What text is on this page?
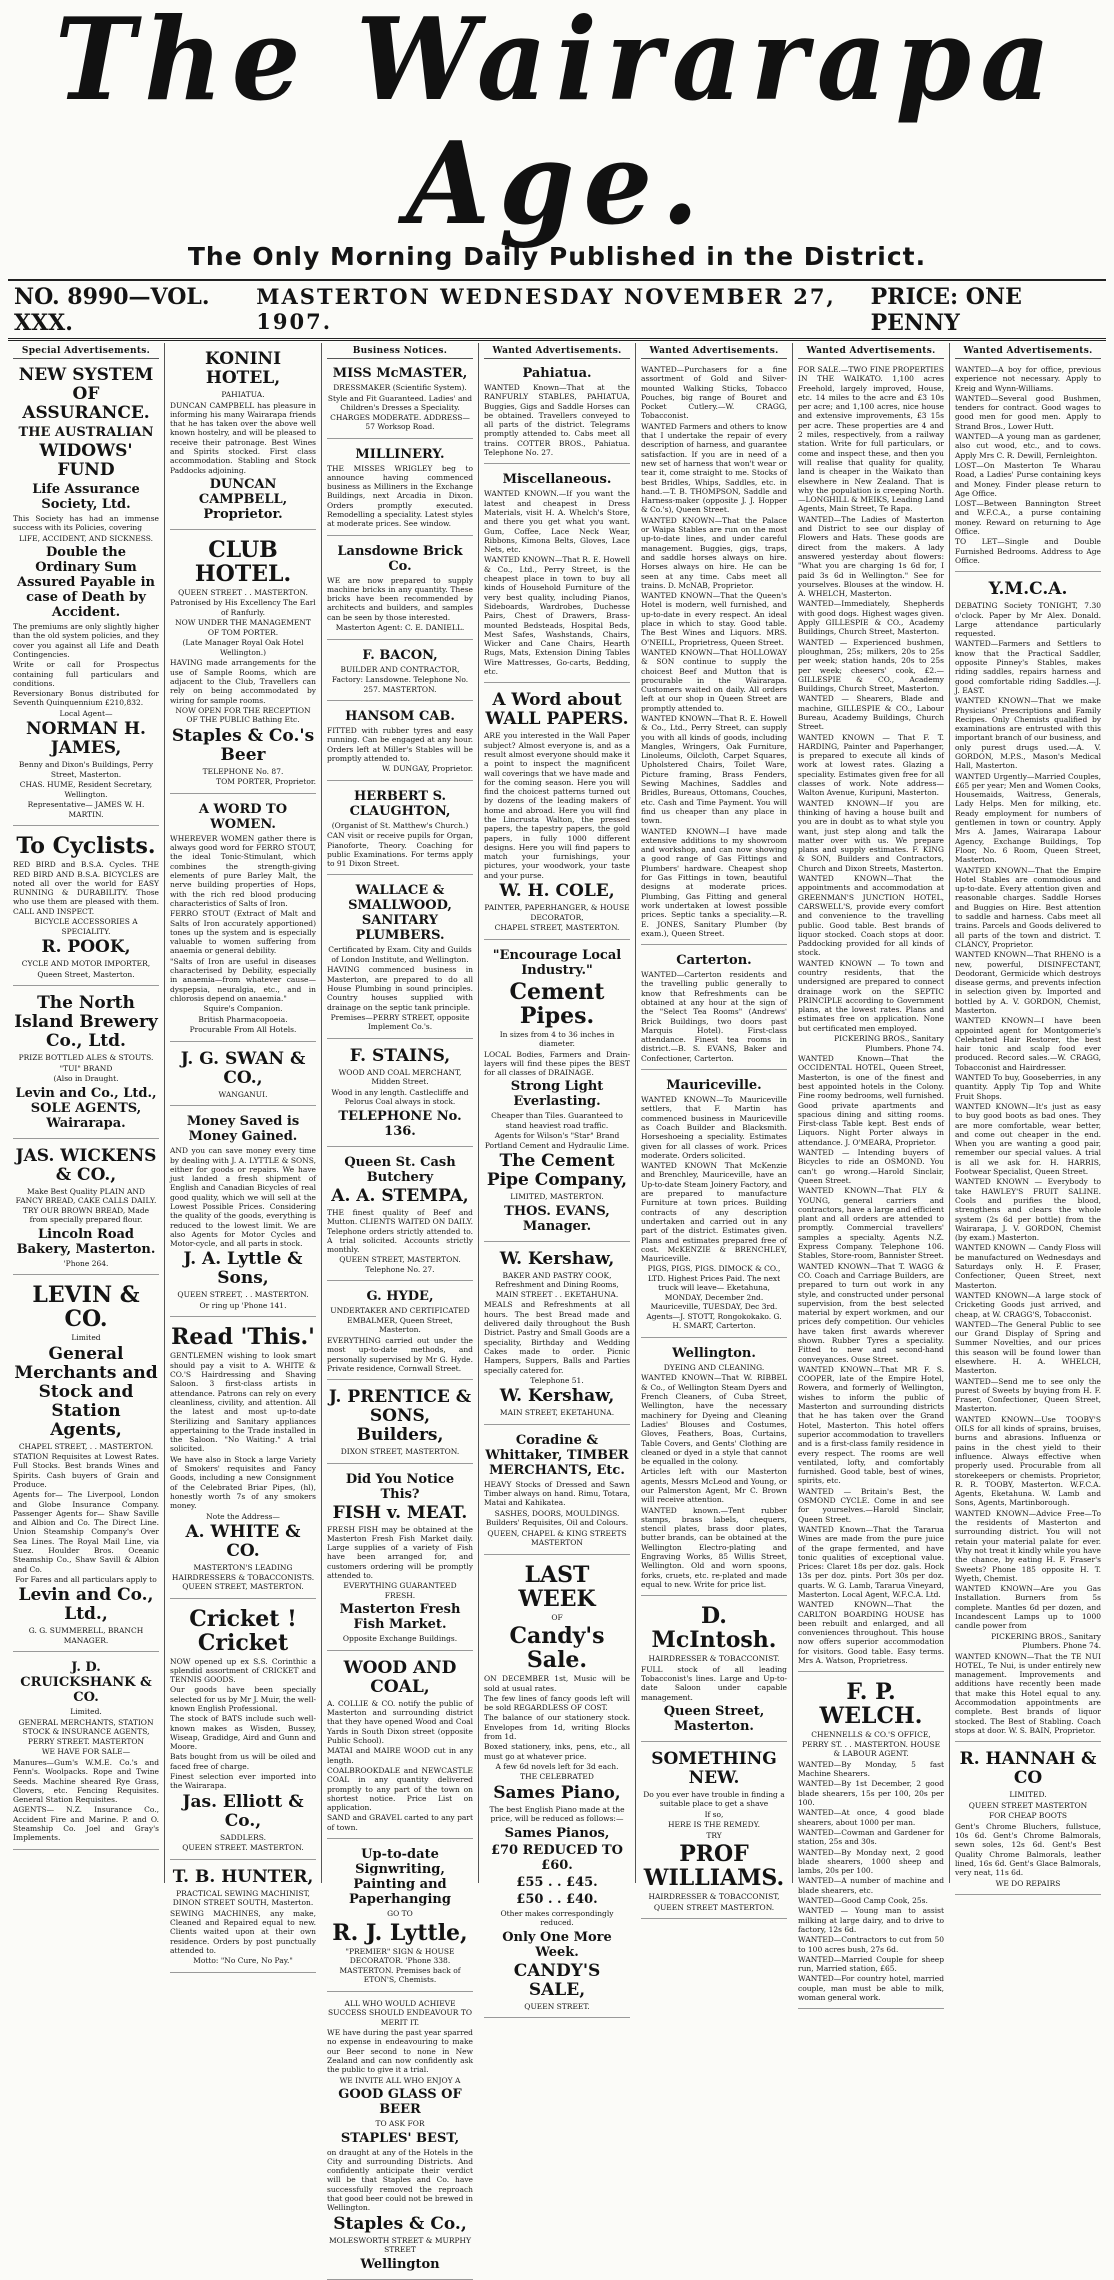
The Wairarapa Age.
The Only Morning Daily Published in the District.
NO. 8990—VOL. XXX.
MASTERTON WEDNESDAY NOVEMBER 27, 1907.
PRICE: ONE PENNY
Special Advertisements.
NEW SYSTEM OF ASSURANCE.
THE AUSTRALIAN
WIDOWS' FUND
Life Assurance Society, Ltd.
This Society has had an immense success with its Policies, covering
LIFE, ACCIDENT, AND SICKNESS.
Double the Ordinary Sum Assured Payable in case of Death by Accident.
The premiums are only slightly higher than the old system policies, and they cover you against all Life and Death Contingencies.
Write or call for Prospectus containing full particulars and conditions.
Reversionary Bonus distributed for Seventh Quinquennium £210,832.
Local Agent—
NORMAN H. JAMES,
Benny and Dixon's Buildings, Perry Street, Masterton.
CHAS. HUME, Resident Secretary, Wellington.
Representative— JAMES W. H. MARTIN.
To Cyclists.
RED BIRD and B.S.A. Cycles. THE RED BIRD AND B.S.A. BICYCLES are noted all over the world for EASY RUNNING & DURABILITY. Those who use them are pleased with them. CALL AND INSPECT.
BICYCLE ACCESSORIES A SPECIALITY.
R. POOK,
CYCLE AND MOTOR IMPORTER,
Queen Street, Masterton.
The North Island Brewery Co., Ltd.
PRIZE BOTTLED ALES & STOUTS.
"TUI" BRAND
(Also in Draught.
Levin and Co., Ltd., SOLE AGENTS, Wairarapa.
JAS. WICKENS & CO.,
Make Best Quality PLAIN AND FANCY BREAD, CAKE CALLS DAILY. TRY OUR BROWN BREAD, Made from specially prepared flour.
Lincoln Road Bakery, Masterton.
'Phone 264.
LEVIN & CO.
Limited
General Merchants and Stock and Station Agents,
CHAPEL STREET, . . MASTERTON.
STATION Requisites at Lowest Rates. Full Stocks. Best brands Wines and Spirits. Cash buyers of Grain and Produce.
Agents for— The Liverpool, London and Globe Insurance Company. Passenger Agents for— Shaw Saville and Albion and Co. The Direct Line. Union Steamship Company's Over Sea Lines. The Royal Mail Line, via Suez. Houlder Bros. Oceanic Steamship Co., Shaw Savill & Albion and Co.
For Fares and all particulars apply to
Levin and Co., Ltd.,
G. G. SUMMERELL, BRANCH MANAGER.
J. D. CRUICKSHANK & CO.
Limited.
GENERAL MERCHANTS, STATION STOCK & INSURANCE AGENTS, PERRY STREET. MASTERTON
WE HAVE FOR SALE—
Manures—Gum's W.M.E. Co.'s and Fenn's. Woolpacks. Rope and Twine Seeds. Machine sheared Rye Grass, Clovers, etc. Fencing Requisites. General Station Requisites.
AGENTS— N.Z. Insurance Co., Accident Fire and Marine. P. and O. Steamship Co. Joel and Gray's Implements.
KONINI HOTEL,
PAHIATUA.
DUNCAN CAMPBELL has pleasure in informing his many Wairarapa friends that he has taken over the above well known hostelry, and will be pleased to receive their patronage. Best Wines and Spirits stocked. First class accommodation. Stabling and Stock Paddocks adjoining.
DUNCAN CAMPBELL, Proprietor.
CLUB HOTEL.
QUEEN STREET . . MASTERTON.
Patronised by His Excellency The Earl of Ranfurly.
NOW UNDER THE MANAGEMENT OF TOM PORTER.
(Late Manager Royal Oak Hotel Wellington.)
HAVING made arrangements for the use of Sample Rooms, which are adjacent to the Club, Travellers can rely on being accommodated by wiring for sample rooms.
NOW OPEN FOR THE RECEPTION OF THE PUBLIC Bathing Etc.
Staples & Co.'s Beer
TELEPHONE No. 87.
TOM PORTER, Proprietor.
A WORD TO WOMEN.
WHEREVER WOMEN gather there is always good word for FERRO STOUT, the ideal Tonic-Stimulant, which combines the strength-giving elements of pure Barley Malt, the nerve building properties of Hops, with the rich red blood producing characteristics of Salts of Iron.
FERRO STOUT (Extract of Malt and Salts of Iron accurately apportioned) tones up the system and is especially valuable to women suffering from anaemia or general debility.
"Salts of Iron are useful in diseases characterised by Debility, especially in anaemia—from whatever cause—dyspepsia, neuralgia, etc., and in chlorosis depend on anaemia."
Squire's Companion.
British Pharmacopoeia.
Procurable From All Hotels.
J. G. SWAN & CO.,
WANGANUI.
Money Saved is Money Gained.
AND you can save money every time by dealing with J. A. LYTTLE & SONS, either for goods or repairs. We have just landed a fresh shipment of English and Canadian Bicycles of real good quality, which we will sell at the Lowest Possible Prices. Considering the quality of the goods, everything is reduced to the lowest limit. We are also Agents for Motor Cycles and Motor-cycle, and all parts in stock.
J. A. Lyttle & Sons,
QUEEN STREET, . . MASTERTON.
Or ring up 'Phone 141.
Read 'This.'
GENTLEMEN wishing to look smart should pay a visit to A. WHITE & CO.'S Hairdressing and Shaving Saloon. 3 first-class artists in attendance. Patrons can rely on every cleanliness, civility, and attention. All the latest and most up-to-date Sterilizing and Sanitary appliances appertaining to the Trade installed in the Saloon. "No Waiting." A trial solicited.
We have also in Stock a large Variety of Smokers' requisites and Fancy Goods, including a new Consignment of the Celebrated Briar Pipes, (hl), honestly worth 7s of any smokers money.
Note the Address—
A. WHITE & CO.
MASTERTON'S LEADING HAIRDRESSERS & TOBACCONISTS. QUEEN STREET, MASTERTON.
Cricket ! Cricket
NOW opened up ex S.S. Corinthic a splendid assortment of CRICKET and TENNIS GOODS.
Our goods have been specially selected for us by Mr J. Muir, the well-known English Professional.
The stock of BATS include such well-known makes as Wisden, Bussey, Wiseap, Gradidge, Aird and Gunn and Moore.
Bats bought from us will be oiled and faced free of charge.
Finest selection ever imported into the Wairarapa.
Jas. Elliott & Co.,
SADDLERS.
QUEEN STREET. MASTERTON.
T. B. HUNTER,
PRACTICAL SEWING MACHINIST, DINON STREET SOUTH, Masterton.
SEWING MACHINES, any make, Cleaned and Repaired equal to new. Clients waited upon at their own residence. Orders by post punctually attended to.
Motto: "No Cure, No Pay."
Business Notices.
MISS McMASTER,
DRESSMAKER (Scientific System).
Style and Fit Guaranteed. Ladies' and Children's Dresses a Speciality. CHARGES MODERATE. ADDRESS—57 Worksop Road.
MILLINERY.
THE MISSES WRIGLEY beg to announce having commenced business as Milliners in the Exchange Buildings, next Arcadia in Dixon. Orders promptly executed. Remodelling a speciality. Latest styles at moderate prices. See window.
Lansdowne Brick Co.
WE are now prepared to supply machine bricks in any quantity. These bricks have been recommended by architects and builders, and samples can be seen by those interested.
Masterton Agent: C. E. DANIELL.
F. BACON,
BUILDER AND CONTRACTOR,
Factory: Lansdowne. Telephone No. 257. MASTERTON.
HANSOM CAB.
FITTED with rubber tyres and easy running. Can be engaged at any hour. Orders left at Miller's Stables will be promptly attended to.
W. DUNGAY, Proprietor.
HERBERT S. CLAUGHTON,
(Organist of St. Matthew's Church.)
CAN visit or receive pupils for Organ, Pianoforte, Theory. Coaching for public Examinations. For terms apply to 91 Dixon Street.
WALLACE & SMALLWOOD, SANITARY PLUMBERS.
Certificated by Exam. City and Guilds of London Institute, and Wellington.
HAVING commenced business in Masterton, are prepared to do all House Plumbing in sound principles. Country houses supplied with drainage on the septic tank principle.
Premises—PERRY STREET, opposite Implement Co.'s.
F. STAINS,
WOOD AND COAL MERCHANT, Midden Street.
Wood in any length. Castlecliffe and Pelorus Coal always in stock.
TELEPHONE No. 136.
Queen St. Cash Butchery
A. A. STEMPA,
THE finest quality of Beef and Mutton. CLIENTS WAITED ON DAILY. Telephone orders strictly attended to. A trial solicited. Accounts strictly monthly.
QUEEN STREET, MASTERTON. Telephone No. 27.
G. HYDE,
UNDERTAKER AND CERTIFICATED EMBALMER, Queen Street, Masterton.
EVERYTHING carried out under the most up-to-date methods, and personally supervised by Mr G. Hyde. Private residence, Cornwall Street.
J. PRENTICE & SONS, Builders,
DIXON STREET, MASTERTON.
Did You Notice This?
FISH v. MEAT.
FRESH FISH may be obtained at the Masterton Fresh Fish Market daily. Large supplies of a variety of Fish have been arranged for, and customers ordering will be promptly attended to.
EVERYTHING GUARANTEED FRESH.
Masterton Fresh Fish Market.
Opposite Exchange Buildings.
WOOD AND COAL,
A. COLLIE & CO. notify the public of Masterton and surrounding district that they have opened Wood and Coal Yards in South Dixon street (opposite Public School).
MATAI and MAIRE WOOD cut in any length.
COALBROOKDALE and NEWCASTLE COAL in any quantity delivered promptly to any part of the town on shortest notice. Price List on application.
SAND and GRAVEL carted to any part of town.
Up-to-date Signwriting, Painting and Paperhanging
GO TO
R. J. Lyttle,
"PREMIER" SIGN & HOUSE DECORATOR. 'Phone 338. MASTERTON. Premises back of ETON'S, Chemists.
ALL WHO WOULD ACHIEVE SUCCESS SHOULD ENDEAVOUR TO MERIT IT.
WE have during the past year sparred no expense in endeavouring to make our Beer second to none in New Zealand and can now confidently ask the public to give it a trial.
WE INVITE ALL WHO ENJOY A
GOOD GLASS OF BEER
TO ASK FOR
STAPLES' BEST,
on draught at any of the Hotels in the City and surrounding Districts. And confidently anticipate their verdict will be that Staples and Co. have successfully removed the reproach that good beer could not be brewed in Wellington.
Staples & Co.,
MOLESWORTH STREET & MURPHY STREET
Wellington
Wanted Advertisements.
Pahiatua.
WANTED Known—That at the RANFURLY STABLES, PAHIATUA, Buggies, Gigs and Saddle Horses can be obtained. Travellers conveyed to all parts of the district. Telegrams promptly attended to. Cabs meet all trains. COTTER BROS., Pahiatua. Telephone No. 27.
Miscellaneous.
WANTED KNOWN.—If you want the latest and cheapest in Dress Materials, visit H. A. Whelch's Store, and there you get what you want. Gum, Coffee, Lace Neck Wear, Ribbons, Kimona Belts, Gloves, Lace Nets, etc.
WANTED KNOWN—That R. E. Howell & Co., Ltd., Perry Street, is the cheapest place in town to buy all kinds of Household Furniture of the very best quality, including Pianos, Sideboards, Wardrobes, Duchesse Pairs, Chest of Drawers, Brass-mounted Bedsteads, Hospital Beds, Mest Safes, Washstands, Chairs, Wicker and Cane Chairs, Hearth Rugs, Mats, Extension Dining Tables Wire Mattresses, Go-carts, Bedding, etc.
A Word about WALL PAPERS.
ARE you interested in the Wall Paper subject? Almost everyone is, and as a result almost everyone should make it a point to inspect the magnificent wall coverings that we have made and for the coming season. Here you will find the choicest patterns turned out by dozens of the leading makers of home and abroad. Here you will find the Lincrusta Walton, the pressed papers, the tapestry papers, the gold papers, in fully 1000 different designs. Here you will find papers to match your furnishings, your pictures, your woodwork, your taste and your purse.
W. H. COLE,
PAINTER, PAPERHANGER, & HOUSE DECORATOR,
CHAPEL STREET, MASTERTON.
"Encourage Local Industry."
Cement Pipes.
In sizes from 4 to 36 inches in diameter.
LOCAL Bodies, Farmers and Drain-layers will find these pipes the BEST for all classes of DRAINAGE.
Strong Light Everlasting.
Cheaper than Tiles. Guaranteed to stand heaviest road traffic.
Agents for Wilson's "Star" Brand Portland Cement and Hydraulic Lime.
The Cement Pipe Company,
LIMITED, MASTERTON.
THOS. EVANS, Manager.
W. Kershaw,
BAKER AND PASTRY COOK, Refreshment and Dining Rooms, MAIN STREET . . EKETAHUNA.
MEALS and Refreshments at all hours. The best Bread made and delivered daily throughout the Bush District. Pastry and Small Goods are a speciality, Birthday and Wedding Cakes made to order. Picnic Hampers, Suppers, Balls and Parties specially catered for.
Telephone 51.
W. Kershaw,
MAIN STREET, EKETAHUNA.
Coradine & Whittaker, TIMBER MERCHANTS, Etc.
HEAVY Stocks of Dressed and Sawn Timber always on hand. Rimu, Totara, Matai and Kahikatea.
SASHES, DOORS, MOULDINGS. Builders' Requisites, Oil and Colours.
QUEEN, CHAPEL & KING STREETS MASTERTON
LAST WEEK
OF
Candy's Sale.
ON DECEMBER 1st, Music will be sold at usual rates.
The few lines of fancy goods left will be sold REGARDLESS OF COST.
The balance of our stationery stock. Envelopes from 1d, writing Blocks from 1d.
Boxed stationery, inks, pens, etc., all must go at whatever price.
A few 6d novels left for 3d each.
THE CELEBRATED
Sames Piano,
The best English Piano made at the price, will be reduced as follows:—
Sames Pianos,
£70 REDUCED TO £60.
£55 . . £45.
£50 . . £40.
Other makes correspondingly reduced.
Only One More Week.
CANDY'S SALE,
QUEEN STREET.
Wanted Advertisements.
WANTED—Purchasers for a fine assortment of Gold and Silver-mounted Walking Sticks, Tobacco Pouches, big range of Bouret and Pocket Cutlery.—W. CRAGG, Tobacconist.
WANTED Farmers and others to know that I undertake the repair of every description of harness, and guarantee satisfaction. If you are in need of a new set of harness that won't wear or tear it, come straight to me. Stocks of best Bridles, Whips, Saddles, etc. in hand.—T. B. THOMPSON, Saddle and Harness-maker (opposite J. J. Hopper & Co.'s), Queen Street.
WANTED KNOWN—That the Palace or Waipa Stables are run on the most up-to-date lines, and under careful management. Buggies, gigs, traps, and saddle horses always on hire. Horses always on hire. He can be seen at any time. Cabs meet all trains. D. McNAB, Proprietor.
WANTED KNOWN—That the Queen's Hotel is modern, well furnished, and up-to-date in every respect. An ideal place in which to stay. Good table. The Best Wines and Liquors. MRS. O'NEILL, Proprietress, Queen Street.
WANTED KNOWN—That HOLLOWAY & SON continue to supply the choicest Beef and Mutton that is procurable in the Wairarapa. Customers waited on daily. All orders left at our shop in Queen Street are promptly attended to.
WANTED KNOWN—That R. E. Howell & Co., Ltd., Perry Street, can supply you with all kinds of goods, including Mangles, Wringers, Oak Furniture, Linoleums, Oilcloth, Carpet Squares, Upholstered Chairs, Toilet Ware, Picture framing, Brass Fenders, Sewing Machines, Saddles and Bridles, Bureaus, Ottomans, Couches, etc. Cash and Time Payment. You will find us cheaper than any place in town.
WANTED KNOWN—I have made extensive additions to my showroom and workshop, and can now showing a good range of Gas Fittings and Plumbers' hardware. Cheapest shop for Gas Fittings in town, beautiful designs at moderate prices. Plumbing, Gas Fitting and general work undertaken at lowest possible prices. Septic tanks a speciality.—R. E. JONES, Sanitary Plumber (by exam.), Queen Street.
Carterton.
WANTED—Carterton residents and the travelling public generally to know that Refreshments can be obtained at any hour at the sign of the "Select Tea Rooms" (Andrews' Brick Buildings, two doors past Marquis Hotel). First-class attendance. Finest tea rooms in district.—B. S. EVANS, Baker and Confectioner, Carterton.
Mauriceville.
WANTED KNOWN—To Mauriceville settlers, that F. Martin has commenced business in Mauriceville as Coach Builder and Blacksmith. Horseshoeing a speciality. Estimates given for all classes of work. Prices moderate. Orders solicited.
WANTED KNOWN That McKenzie and Brenchley, Mauriceville, have an Up-to-date Steam Joinery Factory, and are prepared to manufacture Furniture at town prices. Building contracts of any description undertaken and carried out in any part of the district. Estimates given. Plans and estimates prepared free of cost. McKENZIE & BRENCHLEY, Mauriceville.
PIGS, PIGS, PIGS. DIMOCK & CO., LTD. Highest Prices Paid. The next truck will leave— Eketahuna, MONDAY, December 2nd. Mauriceville, TUESDAY, Dec 3rd. Agents—J. STOTT, Rongokokako. G. H. SMART, Carterton.
Wellington.
DYEING AND CLEANING.
WANTED KNOWN—That W. RIBBEL & Co., of Wellington Steam Dyers and French Cleaners, of Cuba Street, Wellington, have the necessary machinery for Dyeing and Cleaning Ladies' Blouses and Costumes, Gloves, Feathers, Boas, Curtains, Table Covers, and Gents' Clothing are cleaned or dyed in a style that cannot be equalled in the colony.
Articles left with our Masterton agents, Messrs McLeod and Young, or our Palmerston Agent, Mr C. Brown will receive attention.
WANTED known.—Tent rubber stamps, brass labels, chequers, stencil plates, brass door plates, butter brands, can be obtained at the Wellington Electro-plating and Engraving Works, 85 Willis Street, Wellington. Old and worn spoons, forks, cruets, etc. re-plated and made equal to new. Write for price list.
D. McIntosh.
HAIRDRESSER & TOBACCONIST.
FULL stock of all leading Tobacconist's lines. Large and Up-to-date Saloon under capable management.
Queen Street, Masterton.
SOMETHING NEW.
Do you ever have trouble in finding a suitable place to get a shave
If so,
HERE IS THE REMEDY.
TRY
PROF WILLIAMS.
HAIRDRESSER & TOBACCONIST,
QUEEN STREET MASTERTON.
Wanted Advertisements.
FOR SALE.—TWO FINE PROPERTIES IN THE WAIKATO. 1,100 acres Freehold, largely improved, House, etc. 14 miles to the acre and £3 10s per acre; and 1,100 acres, nice house and extensive improvements, £3 15s per acre. These properties are 4 and 2 miles, respectively, from a railway station. Write for full particulars, or come and inspect these, and then you will realise that quality for quality, land is cheaper in the Waikato than elsewhere in New Zealand. That is why the population is creeping North.—LONGHILL & MEIKS, Leading Land Agents, Main Street, Te Rapa.
WANTED—The Ladies of Masterton and District to see our display of Flowers and Hats. These goods are direct from the makers. A lady answered yesterday about flowers: "What you are charging 1s 6d for, I paid 3s 6d in Wellington." See for yourselves. Blouses at the window. H. A. WHELCH, Masterton.
WANTED—Immediately, Shepherds with good dogs. Highest wages given. Apply GILLESPIE & CO., Academy Buildings, Church Street, Masterton.
WANTED — Experienced bushmen, ploughman, 25s; milkers, 20s to 25s per week; station hands, 20s to 25s per week; cheesers' cook, £2.—GILLESPIE & CO., Academy Buildings, Church Street, Masterton.
WANTED — Shearers, Blade and machine, GILLESPIE & CO., Labour Bureau, Academy Buildings, Church Street.
WANTED KNOWN — That F. T. HARDING, Painter and Paperhanger, is prepared to execute all kinds of work at lowest rates. Glazing a speciality. Estimates given free for all classes of work. Note address—Walton Avenue, Kuripuni, Masterton.
WANTED KNOWN—If you are thinking of having a house built and you are in doubt as to what style you want, just step along and talk the matter over with us. We prepare plans and supply estimates. F. KING & SON, Builders and Contractors, Church and Dixon Streets, Masterton.
WANTED KNOWN—That the appointments and accommodation at GREENMAN'S JUNCTION HOTEL, CARSWELL'S, provide every comfort and convenience to the travelling public. Good table. Best brands of liquor stocked. Coach stops at door. Paddocking provided for all kinds of stock.
WANTED KNOWN — To town and country residents, that the undersigned are prepared to connect drainage work on the SEPTIC PRINCIPLE according to Government plans, at the lowest rates. Plans and estimates free on application. None but certificated men employed.
PICKERING BROS., Sanitary Plumbers. Phone 74.
WANTED Known—That the OCCIDENTAL HOTEL, Queen Street, Masterton, is one of the finest and best appointed hotels in the Colony. Fine roomy bedrooms, well furnished. Good private apartments and spacious dining and sitting rooms. First-class Table kept. Best ends of Liquors. Night Porter always in attendance. J. O'MEARA, Proprietor.
WANTED — Intending buyers of Bicycles to ride an OSMOND. You can't go wrong.—Harold Sinclair, Queen Street.
WANTED KNOWN—That FLY & YOUNG, general carriers and contractors, have a large and efficient plant and all orders are attended to promptly. Commercial travellers' samples a specialty. Agents N.Z. Express Company. Telephone 106. Stables, Store-room, Bannister Street.
WANTED KNOWN—That T. WAGG & CO. Coach and Carriage Builders, are prepared to turn out work in any style, and constructed under personal supervision, from the best selected material by expert workmen, and our prices defy competition. Our vehicles have taken first awards wherever shown. Rubber Tyres a speciality. Fitted to new and second-hand conveyances. Ouse Street.
WANTED KNOWN—That MR F. S. COOPER, late of the Empire Hotel, Rowera, and formerly of Wellington, wishes to inform the public of Masterton and surrounding districts that he has taken over the Grand Hotel, Masterton. This hotel offers superior accommodation to travellers and is a first-class family residence in every respect. The rooms are well ventilated, lofty, and comfortably furnished. Good table, best of wines, spirits, etc.
WANTED — Britain's Best, the OSMOND CYCLE. Come in and see for yourselves.—Harold Sinclair, Queen Street.
WANTED Known—That the Tararua Wines are made from the pure juice of the grape fermented, and have tonic qualities of exceptional value. Prices: Claret 18s per doz. gals. Hock 13s per doz. pints. Port 30s per doz. quarts. W. G. Lamb, Tararua Vineyard, Masterton. Local Agent, W.F.C.A. Ltd.
WANTED KNOWN—That the CARLTON BOARDING HOUSE has been rebuilt and enlarged, and all conveniences throughout. This house now offers superior accommodation for visitors. Good table. Easy terms. Mrs A. Watson, Proprietress.
F. P. WELCH.
CHENNELLS & CO.'S OFFICE, PERRY ST. . . MASTERTON. HOUSE & LABOUR AGENT.
WANTED—By Monday, 5 fast Machine Shearers.
WANTED—By 1st December, 2 good blade shearers, 15s per 100, 20s per 100.
WANTED—At once, 4 good blade shearers, about 1000 per man.
WANTED—Cowman and Gardener for station, 25s and 30s.
WANTED—By Monday next, 2 good blade shearers, 1000 sheep and lambs, 20s per 100.
WANTED—A number of machine and blade shearers, etc.
WANTED—Good Camp Cook, 25s.
WANTED — Young man to assist milking at large dairy, and to drive to factory, 12s 6d.
WANTED—Contractors to cut from 50 to 100 acres bush, 27s 6d.
WANTED—Married Couple for sheep run, Married station, £65.
WANTED—For country hotel, married couple, man must be able to milk, woman general work.
Wanted Advertisements.
WANTED—A boy for office, previous experience not necessary. Apply to Kreig and Wynn-Williams.
WANTED—Several good Bushmen, tenders for contract. Good wages to good men for good men. Apply to Strand Bros., Lower Hutt.
WANTED—A young man as gardener, also cut wood, etc., and to cows. Apply Mrs C. R. Dewill, Fernleighton.
LOST—On Masterton Te Wharau Road, a Ladies' Purse containing keys and Money. Finder please return to Age Office.
LOST—Between Bannington Street and W.F.C.A., a purse containing money. Reward on returning to Age Office.
TO LET—Single and Double Furnished Bedrooms. Address to Age Office.
Y.M.C.A.
DEBATING Society TONIGHT, 7.30 o'clock. Paper by Mr Alex. Donald. Large attendance particularly requested.
WANTED—Farmers and Settlers to know that the Practical Saddler, opposite Pinney's Stables, makes riding saddles, repairs harness and good comfortable riding Saddles.—J. J. EAST.
WANTED KNOWN—That we make Physicians' Prescriptions and Family Recipes. Only Chemists qualified by examinations are entrusted with this important branch of our business, and only purest drugs used.—A. V. GORDON, M.P.S., Mason's Medical Hall, Masterton.
WANTED Urgently—Married Couples, £65 per year; Men and Women Cooks, Housemaids, Waitress, Generals, Lady Helps. Men for milking, etc. Ready employment for numbers of gentlemen in town or country. Apply Mrs A. James, Wairarapa Labour Agency, Exchange Buildings, Top Floor, No. 6 Room, Queen Street, Masterton.
WANTED KNOWN—That the Empire Hotel Stables are commodious and up-to-date. Every attention given and reasonable charges. Saddle Horses and Buggies on Hire. Best attention to saddle and harness. Cabs meet all trains. Parcels and Goods delivered to all parts of the town and district. T. CLANCY, Proprietor.
WANTED KNOWN—That RHENO is a new, powerful, DISINFECTANT, Deodorant, Germicide which destroys disease germs, and prevents infection in selection given by. Imported and bottled by A. V. GORDON, Chemist, Masterton.
WANTED KNOWN—I have been appointed agent for Montgomerie's Celebrated Hair Restorer, the best hair tonic and scalp food ever produced. Record sales.—W. CRAGG, Tobacconist and Hairdresser.
WANTED To buy, Gooseberries, in any quantity. Apply Tip Top and White Fruit Shops.
WANTED KNOWN—It's just as easy to buy good boots as bad ones. They are more comfortable, wear better, and come out cheaper in the end. When you are wanting a good pair, remember our special values. A trial is all we ask for. H. HARRIS, Footwear Specialist, Queen Street.
WANTED KNOWN — Everybody to take HAWLEY'S FRUIT SALINE. Cools and purifies the blood, strengthens and clears the whole system (2s 6d per bottle) from the Wairarapa, J. V. GORDON, Chemist (by exam.) Masterton.
WANTED KNOWN — Candy Floss will be manufactured on Wednesdays and Saturdays only. H. F. Fraser, Confectioner, Queen Street, next Masterton.
WANTED KNOWN—A large stock of Cricketing Goods just arrived, and cheap, at W. CRAGG'S, Tobacconist.
WANTED—The General Public to see our Grand Display of Spring and Summer Novelties, and our prices this season will be found lower than elsewhere. H. A. WHELCH, Masterton.
WANTED—Send me to see only the purest of Sweets by buying from H. F. Fraser, Confectioner, Queen Street, Masterton.
WANTED KNOWN—Use TOOBY'S OILS for all kinds of sprains, bruises, burns and abrasions. Influenza or pains in the chest yield to their influence. Always effective when properly used. Procurable from all storekeepers or chemists. Proprietor, R. R. TOOBY, Masterton. W.F.C.A. Agents, Eketahuna. W. Lamb and Sons, Agents, Martinborough.
WANTED KNOWN—Advice Free—To the residents of Masterton and surrounding district. You will not retain your material palate for ever. Why not treat it kindly while you have the chance, by eating H. F. Fraser's Sweets? Phone 185 opposite H. T. Wyeth, Chemist.
WANTED KNOWN—Are you Gas Installation. Burners from 5s complete. Mantles 6d per dozen, and Incandescent Lamps up to 1000 candle power from
PICKERING BROS., Sanitary Plumbers. Phone 74.
WANTED KNOWN—That the TE NUI HOTEL, Te Nui, is under entirely new management. Improvements and additions have recently been made that make this Hotel equal to any. Accommodation appointments are complete. Best brands of liquor stocked. The Best of Stabling. Coach stops at door. W. S. BAIN, Proprietor.
R. HANNAH & CO
LIMITED.
QUEEN STREET MASTERTON
FOR CHEAP BOOTS
Gent's Chrome Bluchers, fullstuce, 10s 6d. Gent's Chrome Balmorals, sewn soles, 12s 6d. Gent's Best Quality Chrome Balmorals, leather lined, 16s 6d. Gent's Glace Balmorals, very neat, 11s 6d.
WE DO REPAIRS
